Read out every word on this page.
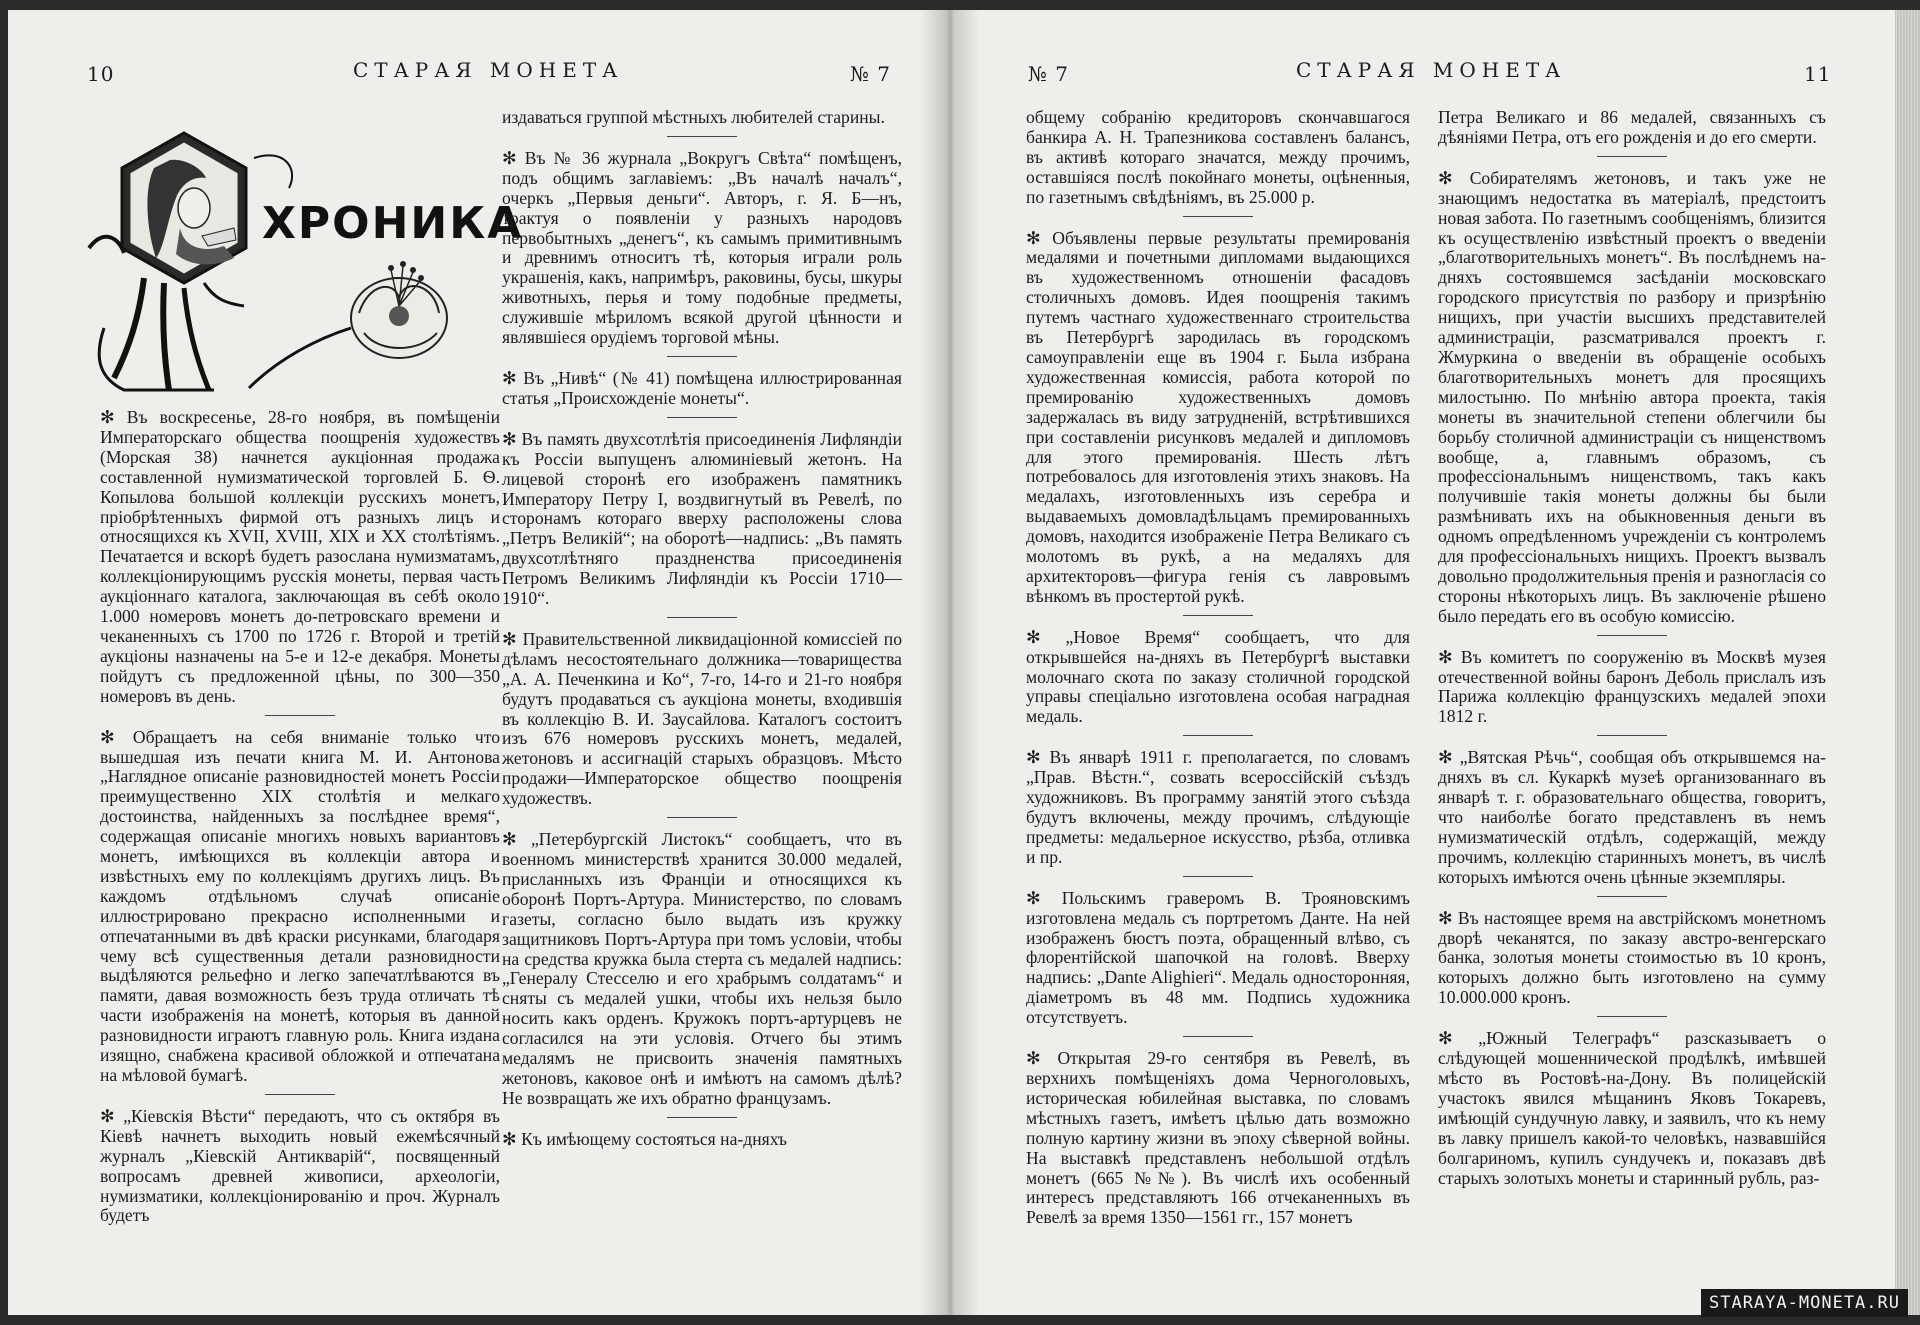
10	СТАРАЯ МОНЕТА	№ 7
ХРОНИКА

✻ Въ воскресенье, 28-го ноября, въ помѣщеніи Императорскаго общества поощренія художествъ (Морская 38) начнется аукціонная продажа составленной нумизматической торговлей Б. Ѳ. Копылова большой коллекціи русскихъ монетъ, пріобрѣтенныхъ фирмой отъ разныхъ лицъ и относящихся къ XVII, XVIII, XIX и XX столѣтіямъ. Печатается и вскорѣ будетъ разослана нумизматамъ, коллекціонирующимъ русскія монеты, первая часть аукціоннаго каталога, заключающая въ себѣ около 1.000 номеровъ монетъ до-петровскаго времени и чеканенныхъ съ 1700 по 1726 г. Второй и третій аукціоны назначены на 5-е и 12-е декабря. Монеты пойдутъ съ предложенной цѣны, по 300—350 номеровъ въ день.

✻ Обращаетъ на себя вниманіе только что вышедшая изъ печати книга М. И. Антонова „Наглядное описаніе разновидностей монетъ Россіи преимущественно XIX столѣтія и мелкаго достоинства, найденныхъ за послѣднее время“, содержащая описаніе многихъ новыхъ вариантовъ монетъ, имѣющихся въ коллекціи автора и извѣстныхъ ему по коллекціямъ другихъ лицъ. Въ каждомъ отдѣльномъ случаѣ описаніе иллюстрировано прекрасно исполненными и отпечатанными въ двѣ краски рисунками, благодаря чему всѣ существенныя детали разновидности выдѣляются рельефно и легко запечатлѣваются въ памяти, давая возможность безъ труда отличать тѣ части изображенія на монетѣ, которыя въ данной разновидности играютъ главную роль. Книга издана изящно, снабжена красивой обложкой и отпечатана на мѣловой бумагѣ.

✻ „Кіевскія Вѣсти“ передаютъ, что съ октября въ Кіевѣ начнетъ выходить новый ежемѣсячный журналъ „Кіевскій Антикварій“, посвященный вопросамъ древней живописи, археологіи, нумизматики, коллекціонированію и проч. Журналъ будетъ

издаваться группой мѣстныхъ любителей старины.

✻ Въ № 36 журнала „Вокругъ Свѣта“ помѣщенъ, подъ общимъ заглавіемъ: „Въ началѣ началъ“, очеркъ „Первыя деньги“. Авторъ, г. Я. Б—нъ, трактуя о появленіи у разныхъ народовъ первобытныхъ „денегъ“, къ самымъ примитивнымъ и древнимъ относитъ тѣ, которыя играли роль украшенія, какъ, напримѣръ, раковины, бусы, шкуры животныхъ, перья и тому подобные предметы, служившіе мѣриломъ всякой другой цѣнности и являвшіеся орудіемъ торговой мѣны.

✻ Въ „Нивѣ“ (№ 41) помѣщена иллюстрированная статья „Происхожденіе монеты“.

✻ Въ память двухсотлѣтія присоединенія Лифляндіи къ Россіи выпущенъ алюминіевый жетонъ. На лицевой сторонѣ его изображенъ памятникъ Императору Петру I, воздвигнутый въ Ревелѣ, по сторонамъ котораго вверху расположены слова „Петръ Великій“; на оборотѣ—надпись: „Въ память двухсотлѣтняго праздненства присоединенія Петромъ Великимъ Лифляндіи къ Россіи 1710—1910“.

✻ Правительственной ликвидаціонной комиссіей по дѣламъ несостоятельнаго должника—товарищества „А. А. Печенкина и Ко“, 7-го, 14-го и 21-го ноября будутъ продаваться съ аукціона монеты, входившія въ коллекцію В. И. Заусайлова. Каталогъ состоитъ изъ 676 номеровъ русскихъ монетъ, медалей, жетоновъ и ассигнацій старыхъ образцовъ. Мѣсто продажи—Императорское общество поощренія художествъ.

✻ „Петербургскій Листокъ“ сообщаетъ, что въ военномъ министерствѣ хранится 30.000 медалей, присланныхъ изъ Франціи и относящихся къ оборонѣ Портъ-Артура. Министерство, по словамъ газеты, согласно было выдать изъ кружку защитниковъ Портъ-Артура при томъ условіи, чтобы на средства кружка была стерта съ медалей надпись: „Генералу Стесселю и его храбрымъ солдатамъ“ и сняты съ медалей ушки, чтобы ихъ нельзя было носить какъ орденъ. Кружокъ портъ-артурцевъ не согласился на эти условія. Отчего бы этимъ медалямъ не присвоить значенія памятныхъ жетоновъ, каковое онѣ и имѣютъ на самомъ дѣлѣ? Не возвращать же ихъ обратно французамъ.

✻ Къ имѣющему состояться на-дняхъ

№ 7	СТАРАЯ МОНЕТА	11

общему собранію кредиторовъ скончавшагося банкира А. Н. Трапезникова составленъ балансъ, въ активѣ котораго значатся, между прочимъ, оставшіяся послѣ покойнаго монеты, оцѣненныя, по газетнымъ свѣдѣніямъ, въ 25.000 р.

✻ Объявлены первые результаты премированія медалями и почетными дипломами выдающихся въ художественномъ отношеніи фасадовъ столичныхъ домовъ. Идея поощренія такимъ путемъ частнаго художественнаго строительства въ Петербургѣ зародилась въ городскомъ самоуправленіи еще въ 1904 г. Была избрана художественная комиссія, работа которой по премированію художественныхъ домовъ задержалась въ виду затрудненій, встрѣтившихся при составленіи рисунковъ медалей и дипломовъ для этого премированія. Шесть лѣтъ потребовалось для изготовленія этихъ знаковъ. На медалахъ, изготовленныхъ изъ серебра и выдаваемыхъ домовладѣльцамъ премированныхъ домовъ, находится изображеніе Петра Великаго съ молотомъ въ рукѣ, а на медаляхъ для архитекторовъ—фигура генія съ лавровымъ вѣнкомъ въ простертой рукѣ.

✻ „Новое Время“ сообщаетъ, что для открывшейся на-дняхъ въ Петербургѣ выставки молочнаго скота по заказу столичной городской управы спеціально изготовлена особая наградная медаль.

✻ Въ январѣ 1911 г. преполагается, по словамъ „Прав. Вѣстн.“, созвать всероссійскій съѣздъ художниковъ. Въ программу занятій этого съѣзда будутъ включены, между прочимъ, слѣдующіе предметы: медальерное искусство, рѣзба, отливка и пр.

✻ Польскимъ граверомъ В. Трояновскимъ изготовлена медаль съ портретомъ Данте. На ней изображенъ бюстъ поэта, обращенный влѣво, съ флорентійской шапочкой на головѣ. Вверху надпись: „Dante Alighieri“. Медаль односторонняя, діаметромъ въ 48 мм. Подпись художника отсутствуетъ.

✻ Открытая 29-го сентября въ Ревелѣ, въ верхнихъ помѣщеніяхъ дома Черноголовыхъ, историческая юбилейная выставка, по словамъ мѣстныхъ газетъ, имѣетъ цѣлью дать возможно полную картину жизни въ эпоху сѣверной войны. На выставкѣ представленъ небольшой отдѣлъ монетъ (665 №№). Въ числѣ ихъ особенный интересъ представляютъ 166 отчеканенныхъ въ Ревелѣ за время 1350—1561 гг., 157 монетъ

Петра Великаго и 86 медалей, связанныхъ съ дѣяніями Петра, отъ его рожденія и до его смерти.

✻ Собирателямъ жетоновъ, и такъ уже не знающимъ недостатка въ матеріалѣ, предстоитъ новая забота. По газетнымъ сообщеніямъ, близится къ осуществленію извѣстный проектъ о введеніи „благотворительныхъ монетъ“. Въ послѣднемъ на-дняхъ состоявшемся засѣданіи московскаго городского присутствія по разбору и призрѣнію нищихъ, при участіи высшихъ представителей администраціи, разсматривался проектъ г. Жмуркина о введеніи въ обращеніе особыхъ благотворительныхъ монетъ для просящихъ милостыню. По мнѣнію автора проекта, такія монеты въ значительной степени облегчили бы борьбу столичной администраціи съ нищенствомъ вообще, а, главнымъ образомъ, съ профессіональнымъ нищенствомъ, такъ какъ получившіе такія монеты должны бы были размѣнивать ихъ на обыкновенныя деньги въ одномъ опредѣленномъ учрежденіи съ контролемъ для профессіональныхъ нищихъ. Проектъ вызвалъ довольно продолжительныя пренія и разногласія со стороны нѣкоторыхъ лицъ. Въ заключеніе рѣшено было передать его въ особую комиссію.

✻ Въ комитетъ по сооруженію въ Москвѣ музея отечественной войны баронъ Деболь прислалъ изъ Парижа коллекцію французскихъ медалей эпохи 1812 г.

✻ „Вятская Рѣчь“, сообщая объ открывшемся на-дняхъ въ сл. Кукаркѣ музеѣ организованнаго въ январѣ т. г. образовательнаго общества, говоритъ, что наиболѣе богато представленъ въ немъ нумизматическій отдѣлъ, содержащій, между прочимъ, коллекцію старинныхъ монетъ, въ числѣ которыхъ имѣются очень цѣнные экземпляры.

✻ Въ настоящее время на австрійскомъ монетномъ дворѣ чеканятся, по заказу австро-венгерскаго банка, золотыя монеты стоимостью въ 10 кронъ, которыхъ должно быть изготовлено на сумму 10.000.000 кронъ.

✻ „Южный Телеграфъ“ разсказываетъ о слѣдующей мошеннической продѣлкѣ, имѣвшей мѣсто въ Ростовѣ-на-Дону. Въ полицейскій участокъ явился мѣщанинъ Яковъ Токаревъ, имѣющій сундучную лавку, и заявилъ, что къ нему въ лавку пришелъ какой-то человѣкъ, назвавшійся болгариномъ, купилъ сундучекъ и, показавъ двѣ старыхъ золотыхъ монеты и старинный рубль, раз-

STARAYA-MONETA.RU
